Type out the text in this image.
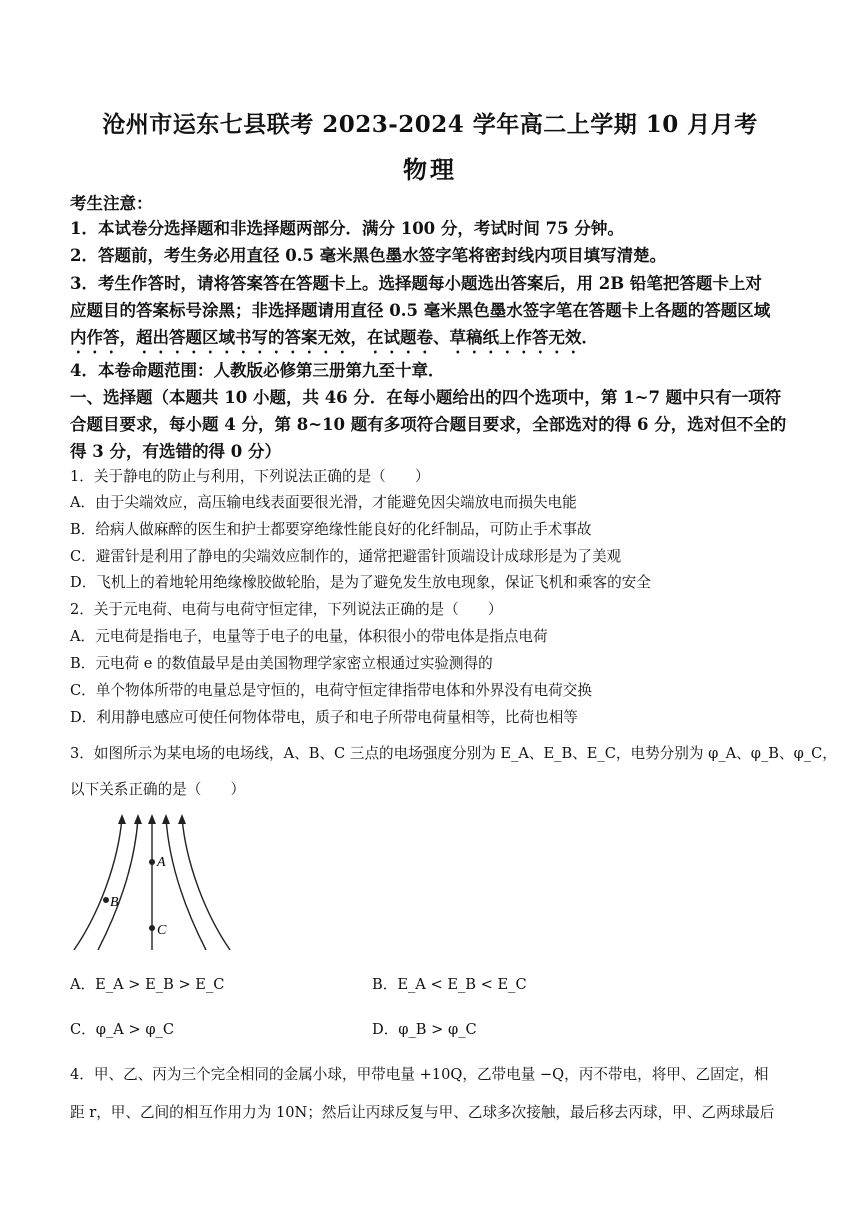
沧州市运东七县联考 2023-2024 学年高二上学期 10 月月考
物理
考生注意：
1．本试卷分选择题和非选择题两部分．满分 100 分，考试时间 75 分钟。
2．答题前，考生务必用直径 0.5 毫米黑色墨水签字笔将密封线内项目填写清楚。
3．考生作答时，请将答案答在答题卡上。选择题每小题选出答案后，用 2B 铅笔把答题卡上对
应题目的答案标号涂黑；非选择题请用直径 0.5 毫米黑色墨水签字笔在答题卡上各题的答题区域
内作答，超出答题区域书写的答案无效，在试题卷、草稿纸上作答无效．
4．本卷命题范围：人教版必修第三册第九至十章．
一、选择题（本题共 10 小题，共 46 分．在每小题给出的四个选项中，第 1~7 题中只有一项符
合题目要求，每小题 4 分，第 8~10 题有多项符合题目要求，全部选对的得 6 分，选对但不全的
得 3 分，有选错的得 0 分）
1．关于静电的防止与利用，下列说法正确的是（　　）
A．由于尖端效应，高压输电线表面要很光滑，才能避免因尖端放电而损失电能
B．给病人做麻醉的医生和护士都要穿绝缘性能良好的化纤制品，可防止手术事故
C．避雷针是利用了静电的尖端效应制作的，通常把避雷针顶端设计成球形是为了美观
D．飞机上的着地轮用绝缘橡胶做轮胎，是为了避免发生放电现象，保证飞机和乘客的安全
2．关于元电荷、电荷与电荷守恒定律，下列说法正确的是（　　）
A．元电荷是指电子，电量等于电子的电量，体积很小的带电体是指点电荷
B．元电荷 e 的数值最早是由美国物理学家密立根通过实验测得的
C．单个物体所带的电量总是守恒的，电荷守恒定律指带电体和外界没有电荷交换
D．利用静电感应可使任何物体带电，质子和电子所带电荷量相等，比荷也相等
3．如图所示为某电场的电场线，A、B、C 三点的电场强度分别为 E_A、E_B、E_C，电势分别为 φ_A、φ_B、φ_C，
以下关系正确的是（　　）
A
B
C
A．E_A > E_B > E_C	B．E_A < E_B < E_C
C．φ_A > φ_C	D．φ_B > φ_C
4．甲、乙、丙为三个完全相同的金属小球，甲带电量 +10Q，乙带电量 −Q，丙不带电，将甲、乙固定，相
距 r，甲、乙间的相互作用力为 10N；然后让丙球反复与甲、乙球多次接触，最后移去丙球，甲、乙两球最后
